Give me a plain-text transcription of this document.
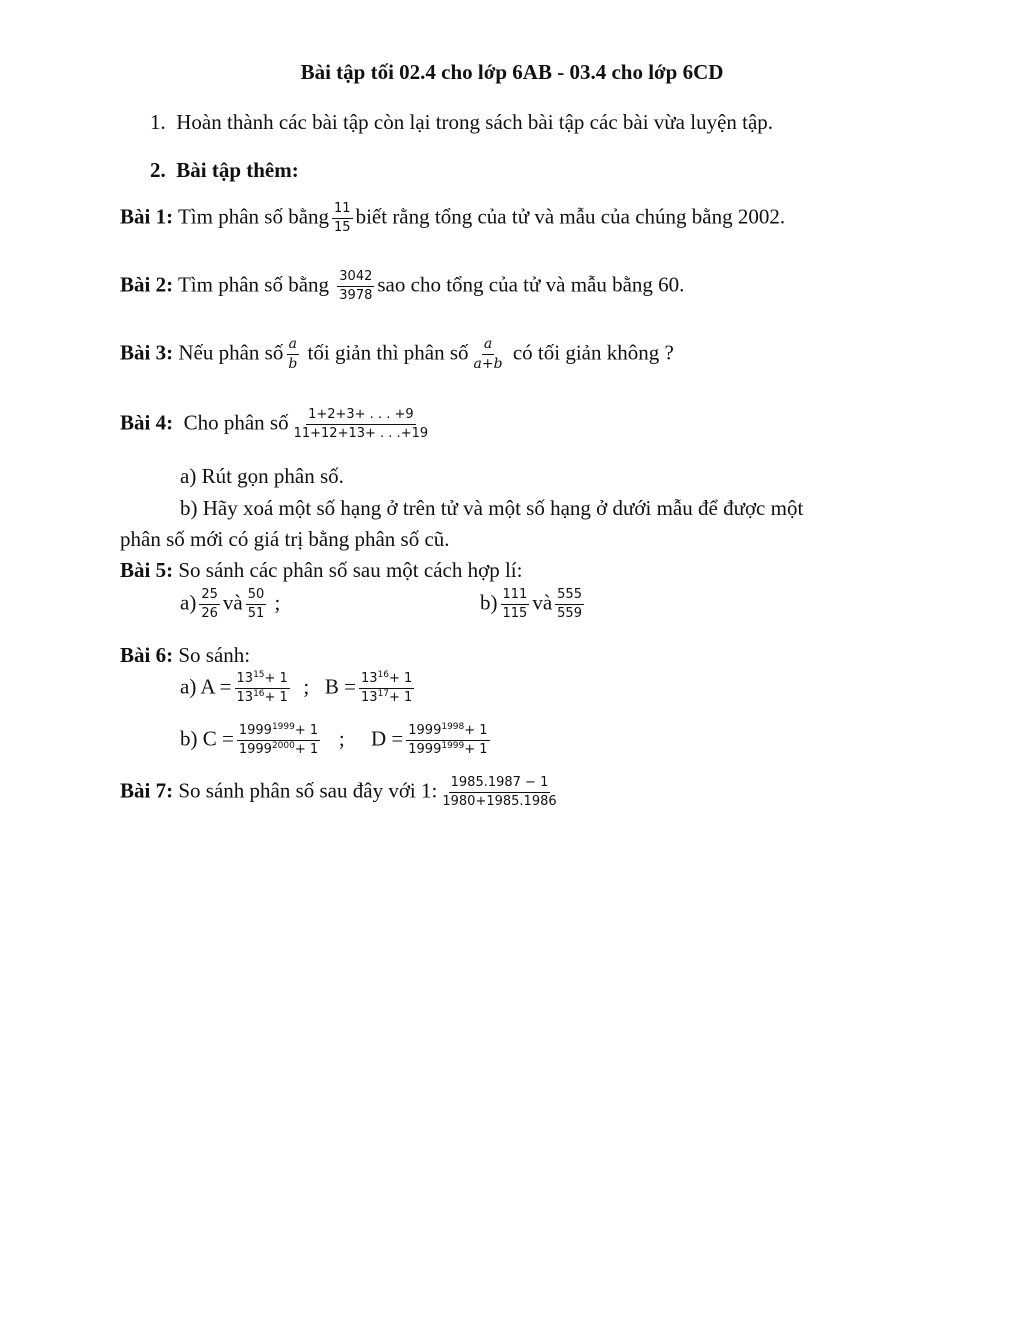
Bài tập tối 02.4 cho lớp 6AB - 03.4 cho lớp 6CD
1. Hoàn thành các bài tập còn lại trong sách bài tập các bài vừa luyện tập.
2. Bài tập thêm:
Bài 1: Tìm phân số bằng $\frac{11}{15}$ biết rằng tổng của tử và mẫu của chúng bằng 2002.
Bài 2: Tìm phân số bằng $\frac{3042}{3978}$ sao cho tổng của tử và mẫu bằng 60.
Bài 3: Nếu phân số $\frac{a}{b}$ tối giản thì phân số $\frac{a}{a+b}$ có tối giản không ?
Bài 4: Cho phân số $\frac{1+2+3+ . . . +9}{11+12+13+ . . .+19}$
a) Rút gọn phân số.
b) Hãy xoá một số hạng ở trên tử và một số hạng ở dưới mẫu để được một
phân số mới có giá trị bằng phân số cũ.
Bài 5: So sánh các phân số sau một cách hợp lí:
$a) \frac{25}{26}$ và $\frac{50}{51}$ ;	$b) \frac{111}{115}$ và $\frac{555}{559}$
Bài 6: So sánh:
a) $A = \frac{13^{15}+ 1}{13^{16}+ 1}$ ; $B = \frac{13^{16}+ 1}{13^{17}+ 1}$
b) $C = \frac{1999^{1999}+ 1}{1999^{2000}+ 1}$ ; $D = \frac{1999^{1998}+ 1}{1999^{1999}+ 1}$
Bài 7: So sánh phân số sau đây với 1: $\frac{1985.1987 - 1}{1980+1985.1986}$
